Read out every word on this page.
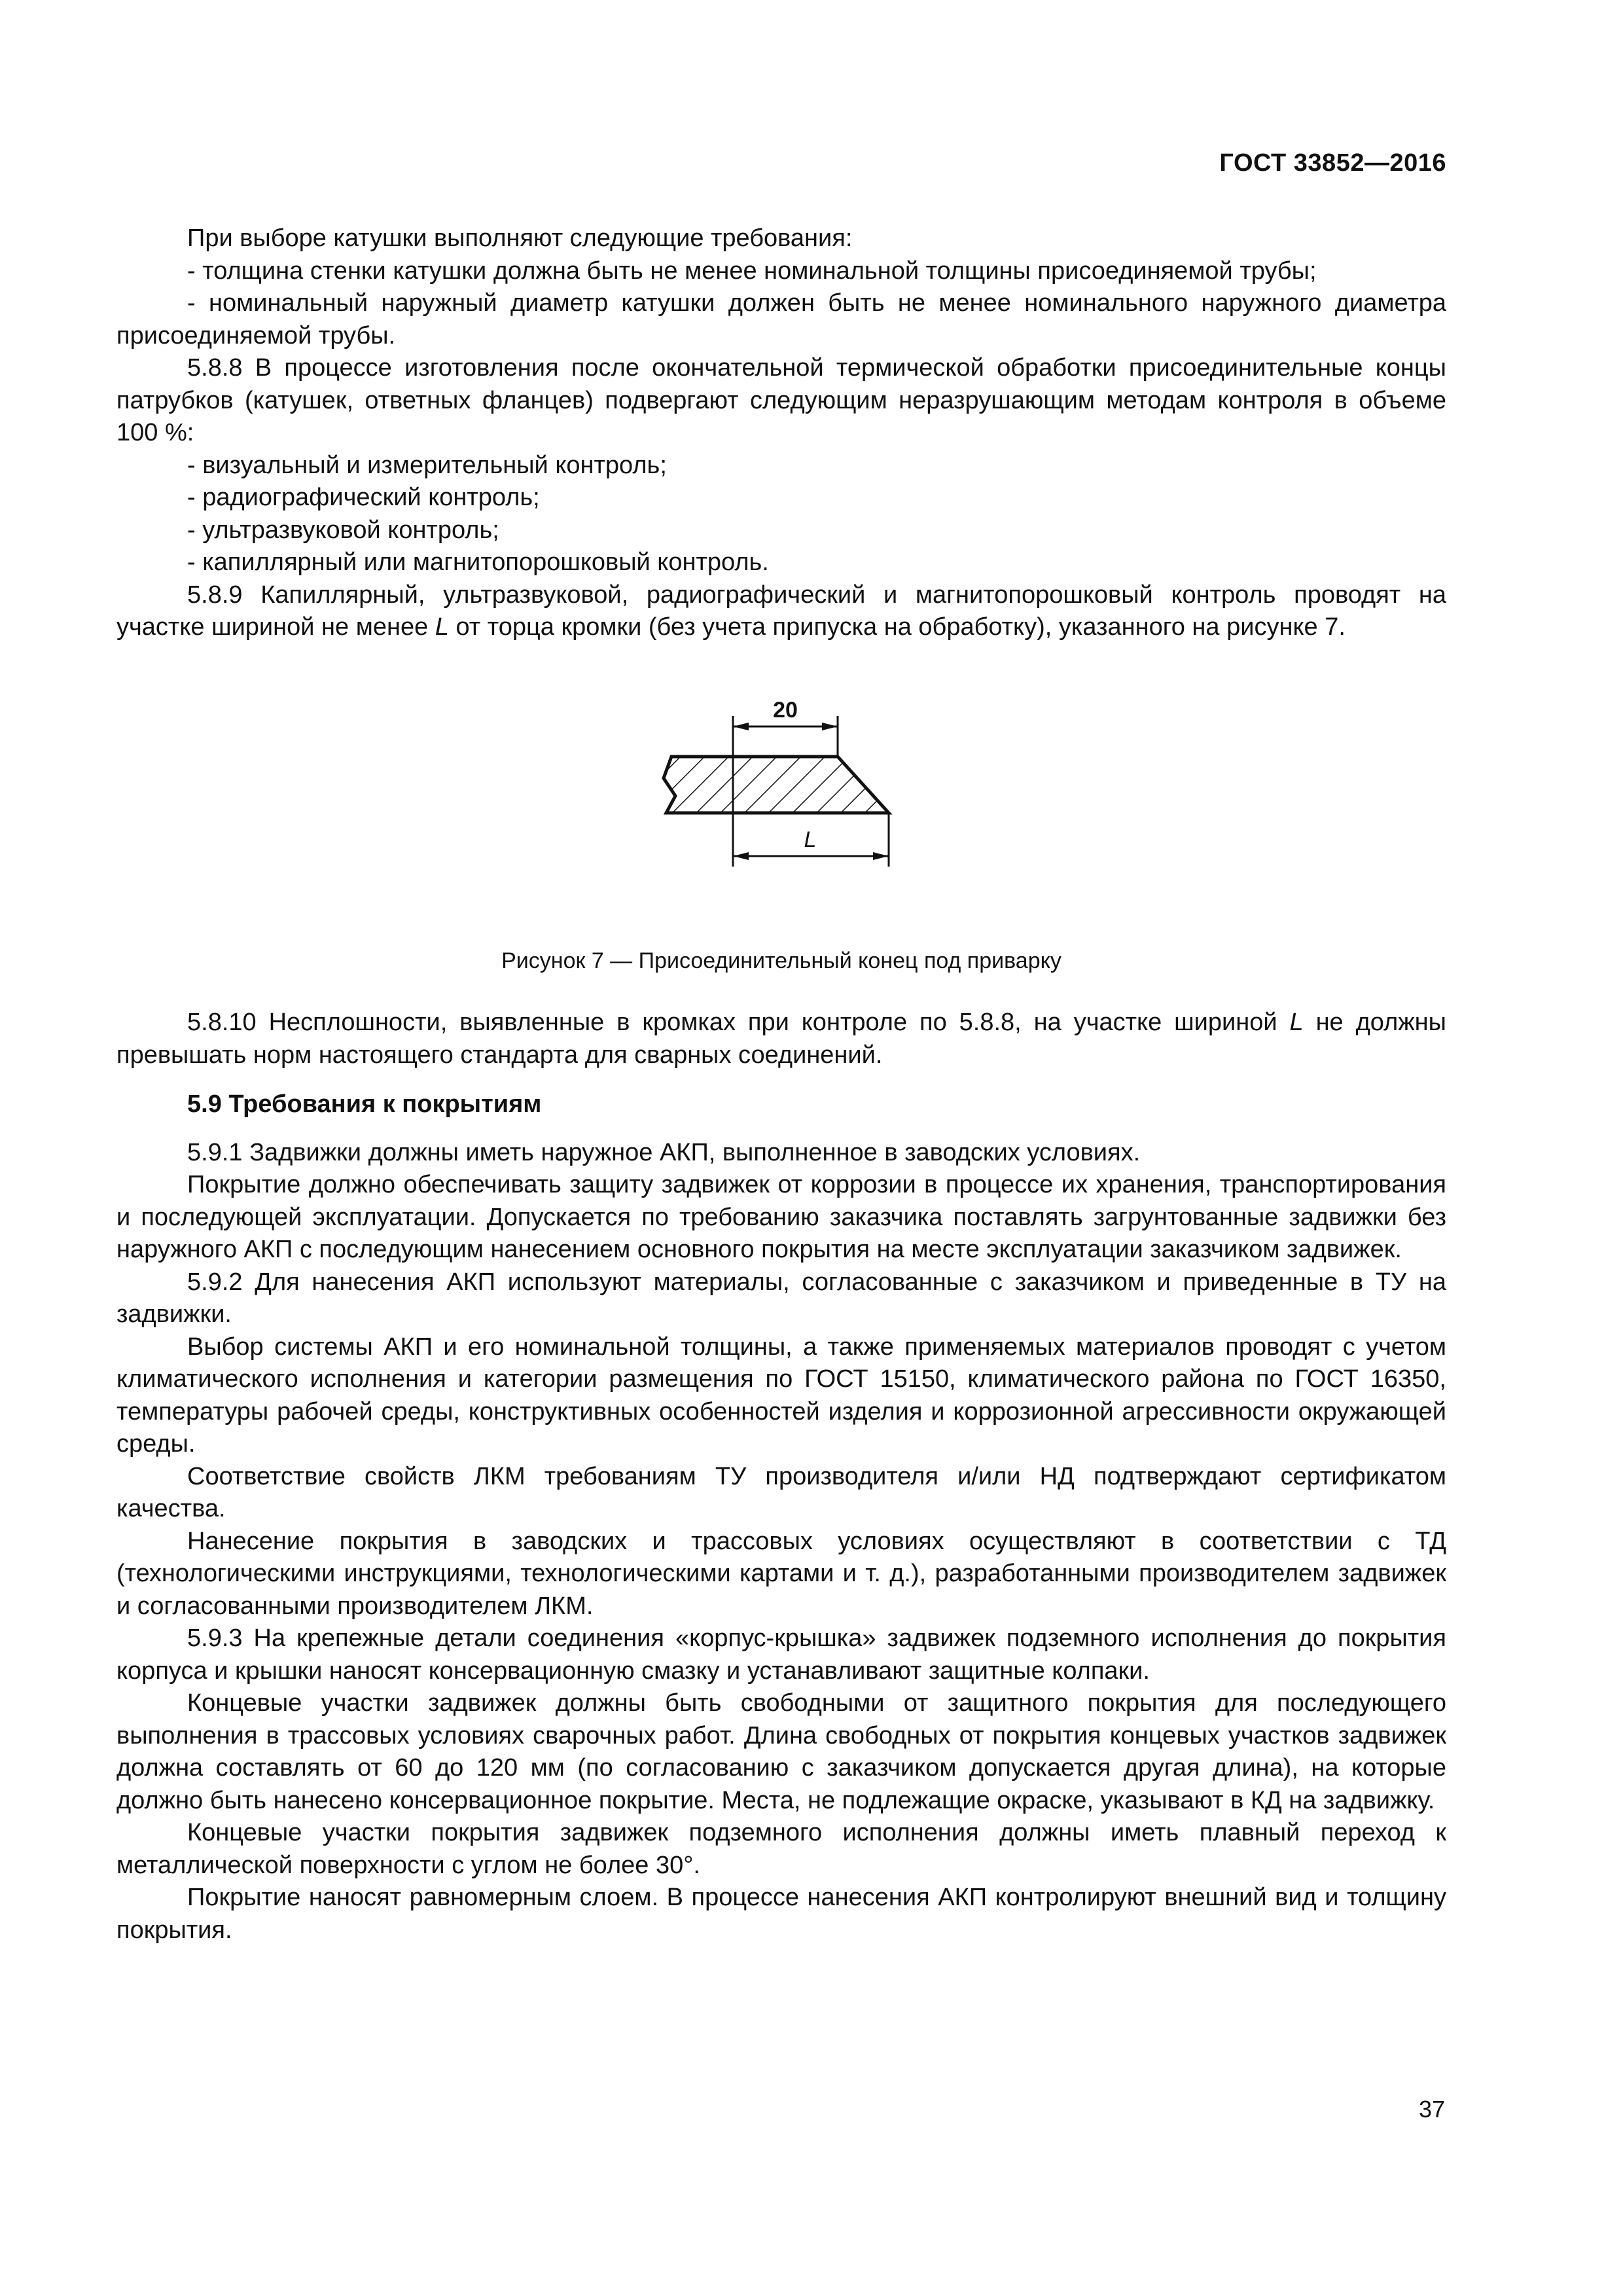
ГОСТ 33852—2016

При выборе катушки выполняют следующие требования:

- толщина стенки катушки должна быть не менее номинальной толщины присоединяемой трубы;

- номинальный наружный диаметр катушки должен быть не менее номинального наружного диаметра присоединяемой трубы.

5.8.8 В процессе изготовления после окончательной термической обработки присоединительные концы патрубков (катушек, ответных фланцев) подвергают следующим неразрушающим методам контроля в объеме 100 %:

- визуальный и измерительный контроль;

- радиографический контроль;

- ультразвуковой контроль;

- капиллярный или магнитопорошковый контроль.

5.8.9 Капиллярный, ультразвуковой, радиографический и магнитопорошковый контроль проводят на участке шириной не менее L от торца кромки (без учета припуска на обработку), указанного на рисунке 7.

20
L
Рисунок 7 — Присоединительный конец под приварку

5.8.10 Несплошности, выявленные в кромках при контроле по 5.8.8, на участке шириной L не должны превышать норм настоящего стандарта для сварных соединений.

5.9 Требования к покрытиям

5.9.1 Задвижки должны иметь наружное АКП, выполненное в заводских условиях.

Покрытие должно обеспечивать защиту задвижек от коррозии в процессе их хранения, транспортирования и последующей эксплуатации. Допускается по требованию заказчика поставлять загрунтованные задвижки без наружного АКП с последующим нанесением основного покрытия на месте эксплуатации заказчиком задвижек.

5.9.2 Для нанесения АКП используют материалы, согласованные с заказчиком и приведенные в ТУ на задвижки.

Выбор системы АКП и его номинальной толщины, а также применяемых материалов проводят с учетом климатического исполнения и категории размещения по ГОСТ 15150, климатического района по ГОСТ 16350, температуры рабочей среды, конструктивных особенностей изделия и коррозионной агрессивности окружающей среды.

Соответствие свойств ЛКМ требованиям ТУ производителя и/или НД подтверждают сертификатом качества.

Нанесение покрытия в заводских и трассовых условиях осуществляют в соответствии с ТД (технологическими инструкциями, технологическими картами и т. д.), разработанными производителем задвижек и согласованными производителем ЛКМ.

5.9.3 На крепежные детали соединения «корпус-крышка» задвижек подземного исполнения до покрытия корпуса и крышки наносят консервационную смазку и устанавливают защитные колпаки.

Концевые участки задвижек должны быть свободными от защитного покрытия для последующего выполнения в трассовых условиях сварочных работ. Длина свободных от покрытия концевых участков задвижек должна составлять от 60 до 120 мм (по согласованию с заказчиком допускается другая длина), на которые должно быть нанесено консервационное покрытие. Места, не подлежащие окраске, указывают в КД на задвижку.

Концевые участки покрытия задвижек подземного исполнения должны иметь плавный переход к металлической поверхности с углом не более 30°.

Покрытие наносят равномерным слоем. В процессе нанесения АКП контролируют внешний вид и толщину покрытия.

37
